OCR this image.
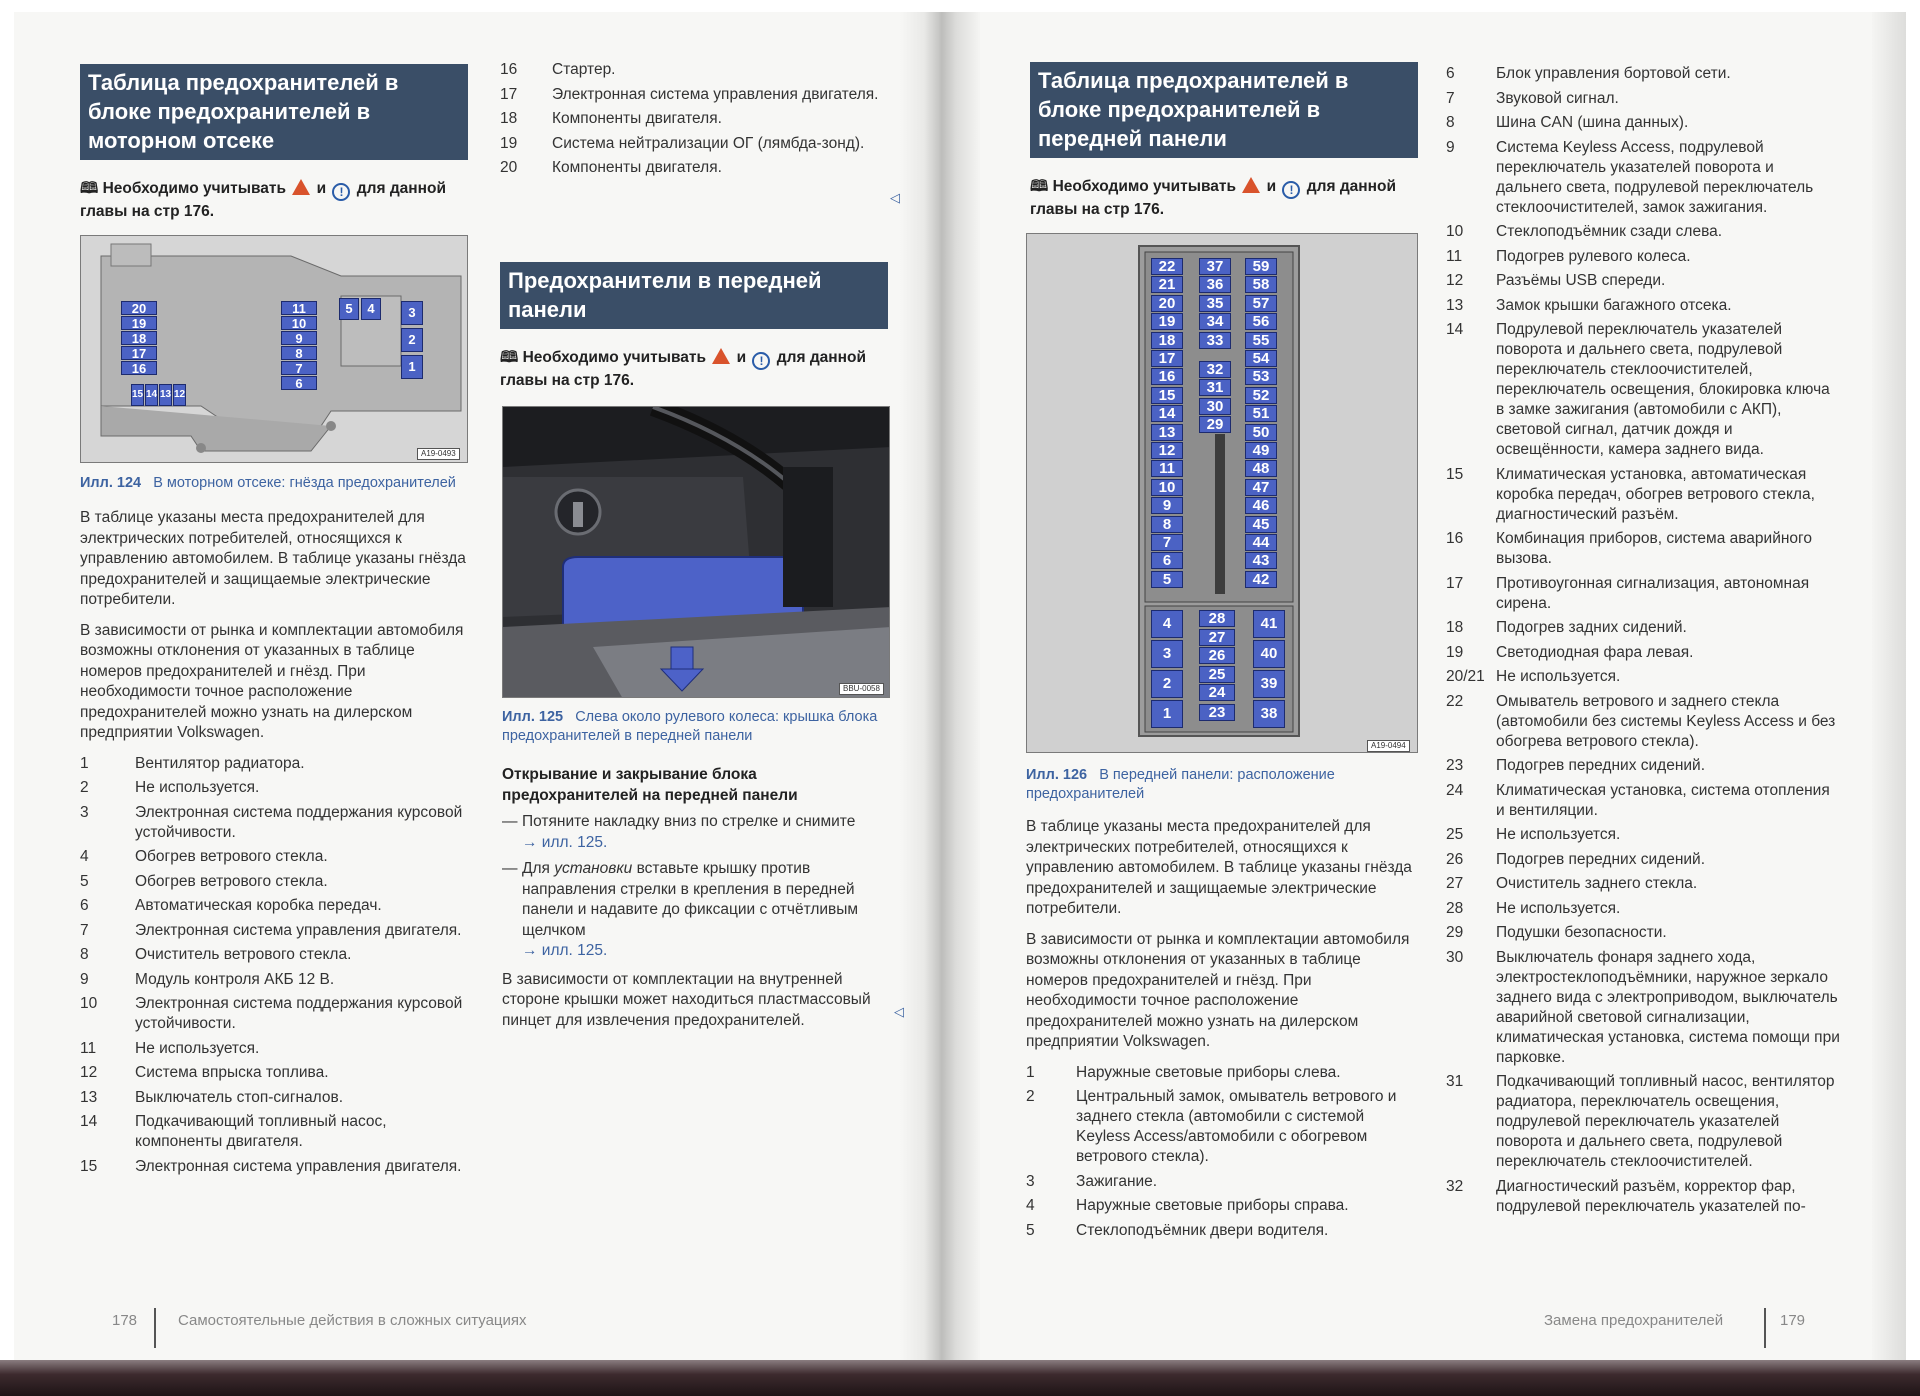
Таблица предохранителей в блоке предохранителей в моторном отсеке
🕮 Необходимо учитывать и ! для данной главы на стр 176.
20
19
18
17
16
11
10
9
8
7
6
5	4	3
2
1
15 14 13 12
A19-0493
Илл. 124 В моторном отсеке: гнёзда предохранителей

В таблице указаны места предохранителей для электрических потребителей, относящихся к управлению автомобилем. В таблице указаны гнёзда предохранителей и защищаемые электрические потребители.

В зависимости от рынка и комплектации автомобиля возможны отклонения от указанных в таблице номеров предохранителей и гнёзд. При необходимости точное расположение предохранителей можно узнать на дилерском предприятии Volkswagen.

1	Вентилятор радиатора.
2	Не используется.
3	Электронная система поддержания курсовой устойчивости.
4	Обогрев ветрового стекла.
5	Обогрев ветрового стекла.
6	Автоматическая коробка передач.
7	Электронная система управления двигателя.
8	Очиститель ветрового стекла.
9	Модуль контроля АКБ 12 В.
10	Электронная система поддержания курсовой устойчивости.
11	Не используется.
12	Система впрыска топлива.
13	Выключатель стоп-сигналов.
14	Подкачивающий топливный насос, компоненты двигателя.
15	Электронная система управления двигателя.
16	Стартер.
17	Электронная система управления двигателя.
18	Компоненты двигателя.
19	Система нейтрализации ОГ (лямбда-зонд).
20	Компоненты двигателя.
◁
Предохранители в передней панели
🕮 Необходимо учитывать и ! для данной главы на стр 176.
BBU-0058
Илл. 125 Слева около рулевого колеса: крышка блока предохранителей в передней панели
Открывание и закрывание блока предохранителей на передней панели
— Потяните накладку вниз по стрелке и снимите
→ илл. 125.
— Для установки вставьте крышку против направления стрелки в крепления в передней панели и надавите до фиксации с отчётливым щелчком
→ илл. 125.

В зависимости от комплектации на внутренней стороне крышки может находиться пластмассовый пинцет для извлечения предохранителей.	◁
178	Самостоятельные действия в сложных ситуациях
Таблица предохранителей в блоке предохранителей в передней панели
🕮 Необходимо учитывать и ! для данной главы на стр 176.
22
21
20
19
18
17
16
15
14
13
12
11
10
9
8
7
6
5
59
58
57
56
55
54
53
52
51
50
49
48
47
46
45
44
43
42
37
36
35
34
33
32
31
30
29
4
3
2
1
41
40
39
38
28
27
26
25
24
23
A19-0494
Илл. 126 В передней панели: расположение предохранителей

В таблице указаны места предохранителей для электрических потребителей, относящихся к управлению автомобилем. В таблице указаны гнёзда предохранителей и защищаемые электрические потребители.

В зависимости от рынка и комплектации автомобиля возможны отклонения от указанных в таблице номеров предохранителей и гнёзд. При необходимости точное расположение предохранителей можно узнать на дилерском предприятии Volkswagen.

1	Наружные световые приборы слева.
2	Центральный замок, омыватель ветрового и заднего стекла (автомобили с системой Keyless Access/автомобили с обогревом ветрового стекла).
3	Зажигание.
4	Наружные световые приборы справа.
5	Стеклоподъёмник двери водителя.
6	Блок управления бортовой сети.
7	Звуковой сигнал.
8	Шина CAN (шина данных).
9	Система Keyless Access, подрулевой переключатель указателей поворота и дальнего света, подрулевой переключатель стеклоочистителей, замок зажигания.
10	Стеклоподъёмник сзади слева.
11	Подогрев рулевого колеса.
12	Разъёмы USB спереди.
13	Замок крышки багажного отсека.
14	Подрулевой переключатель указателей поворота и дальнего света, подрулевой переключатель стеклоочистителей, переключатель освещения, блокировка ключа в замке зажигания (автомобили с АКП), световой сигнал, датчик дождя и освещённости, камера заднего вида.
15	Климатическая установка, автоматическая коробка передач, обогрев ветрового стекла, диагностический разъём.
16	Комбинация приборов, система аварийного вызова.
17	Противоугонная сигнализация, автономная сирена.
18	Подогрев задних сидений.
19	Светодиодная фара левая.
20/21 Не используется.
22	Омыватель ветрового и заднего стекла (автомобили без системы Keyless Access и без обогрева ветрового стекла).
23	Подогрев передних сидений.
24	Климатическая установка, система отопления и вентиляции.
25	Не используется.
26	Подогрев передних сидений.
27	Очиститель заднего стекла.
28	Не используется.
29	Подушки безопасности.
30	Выключатель фонаря заднего хода, электростеклоподъёмники, наружное зеркало заднего вида с электроприводом, выключатель аварийной световой сигнализации, климатическая установка, система помощи при парковке.
31	Подкачивающий топливный насос, вентилятор радиатора, переключатель освещения, подрулевой переключатель указателей поворота и дальнего света, подрулевой переключатель стеклоочистителей.
32	Диагностический разъём, корректор фар, подрулевой переключатель указателей по-
Замена предохранителей	179
